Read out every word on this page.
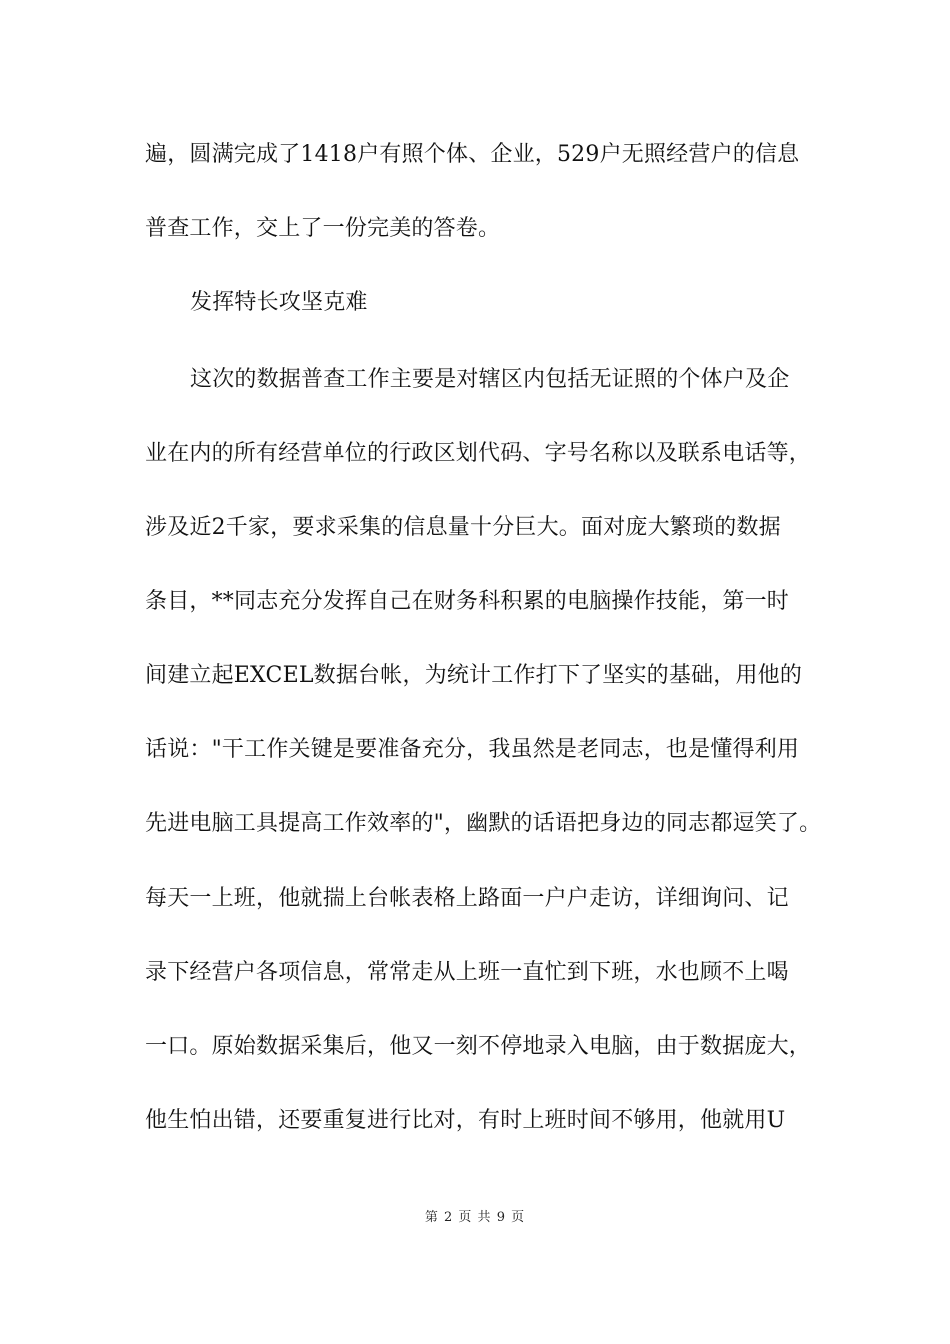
遍，圆满完成了1418户有照个体、企业，529户无照经营户的信息
普查工作，交上了一份完美的答卷。
发挥特长攻坚克难
这次的数据普查工作主要是对辖区内包括无证照的个体户及企
业在内的所有经营单位的行政区划代码、字号名称以及联系电话等，
涉及近2千家，要求采集的信息量十分巨大。面对庞大繁琐的数据
条目，**同志充分发挥自己在财务科积累的电脑操作技能，第一时
间建立起EXCEL数据台帐，为统计工作打下了坚实的基础，用他的
话说："干工作关键是要准备充分，我虽然是老同志，也是懂得利用
先进电脑工具提高工作效率的"，幽默的话语把身边的同志都逗笑了。
每天一上班，他就揣上台帐表格上路面一户户走访，详细询问、记
录下经营户各项信息，常常走从上班一直忙到下班，水也顾不上喝
一口。原始数据采集后，他又一刻不停地录入电脑，由于数据庞大，
他生怕出错，还要重复进行比对，有时上班时间不够用，他就用U
第 2 页 共 9 页
